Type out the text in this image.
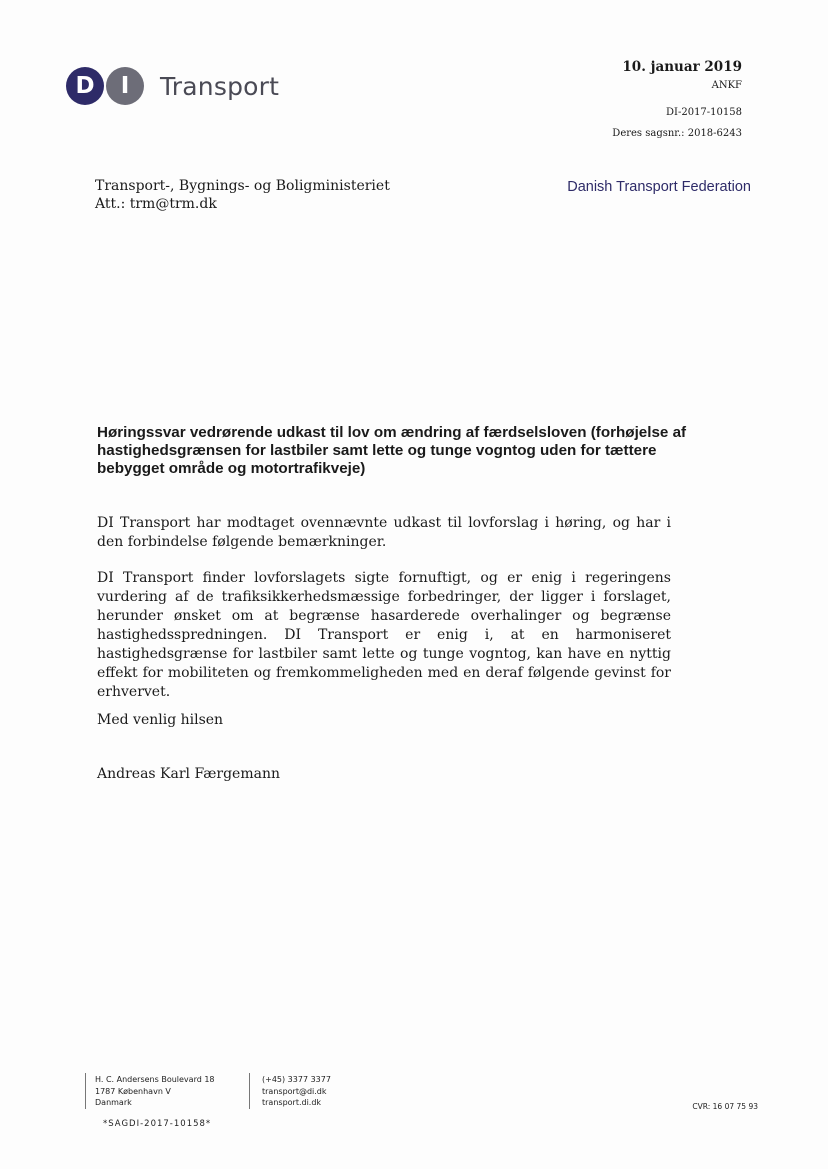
D	I	Transport
10. januar 2019
ANKF
DI-2017-10158
Deres sagsnr.: 2018-6243
Transport-, Bygnings- og Boligministeriet
Att.: trm@trm.dk
Danish Transport Federation
Høringssvar vedrørende udkast til lov om ændring af færdselsloven (forhøjelse af hastighedsgrænsen for lastbiler samt lette og tunge vogntog uden for tættere bebygget område og motortrafikveje)
DI Transport har modtaget ovennævnte udkast til lovforslag i høring, og har i den forbindelse følgende bemærkninger.
DI Transport finder lovforslagets sigte fornuftigt, og er enig i regeringens vurdering af de trafiksikkerhedsmæssige forbedringer, der ligger i forslaget, herunder ønsket om at begrænse hasarderede overhalinger og begrænse hastighedsspredningen. DI Transport er enig i, at en harmoniseret hastighedsgrænse for lastbiler samt lette og tunge vogntog, kan have en nyttig effekt for mobiliteten og fremkommeligheden med en deraf følgende gevinst for erhvervet.
Med venlig hilsen
Andreas Karl Færgemann
H. C. Andersens Boulevard 18
1787 København V
Danmark
(+45) 3377 3377
transport@di.dk
transport.di.dk	CVR: 16 07 75 93
*SAGDI-2017-10158*
